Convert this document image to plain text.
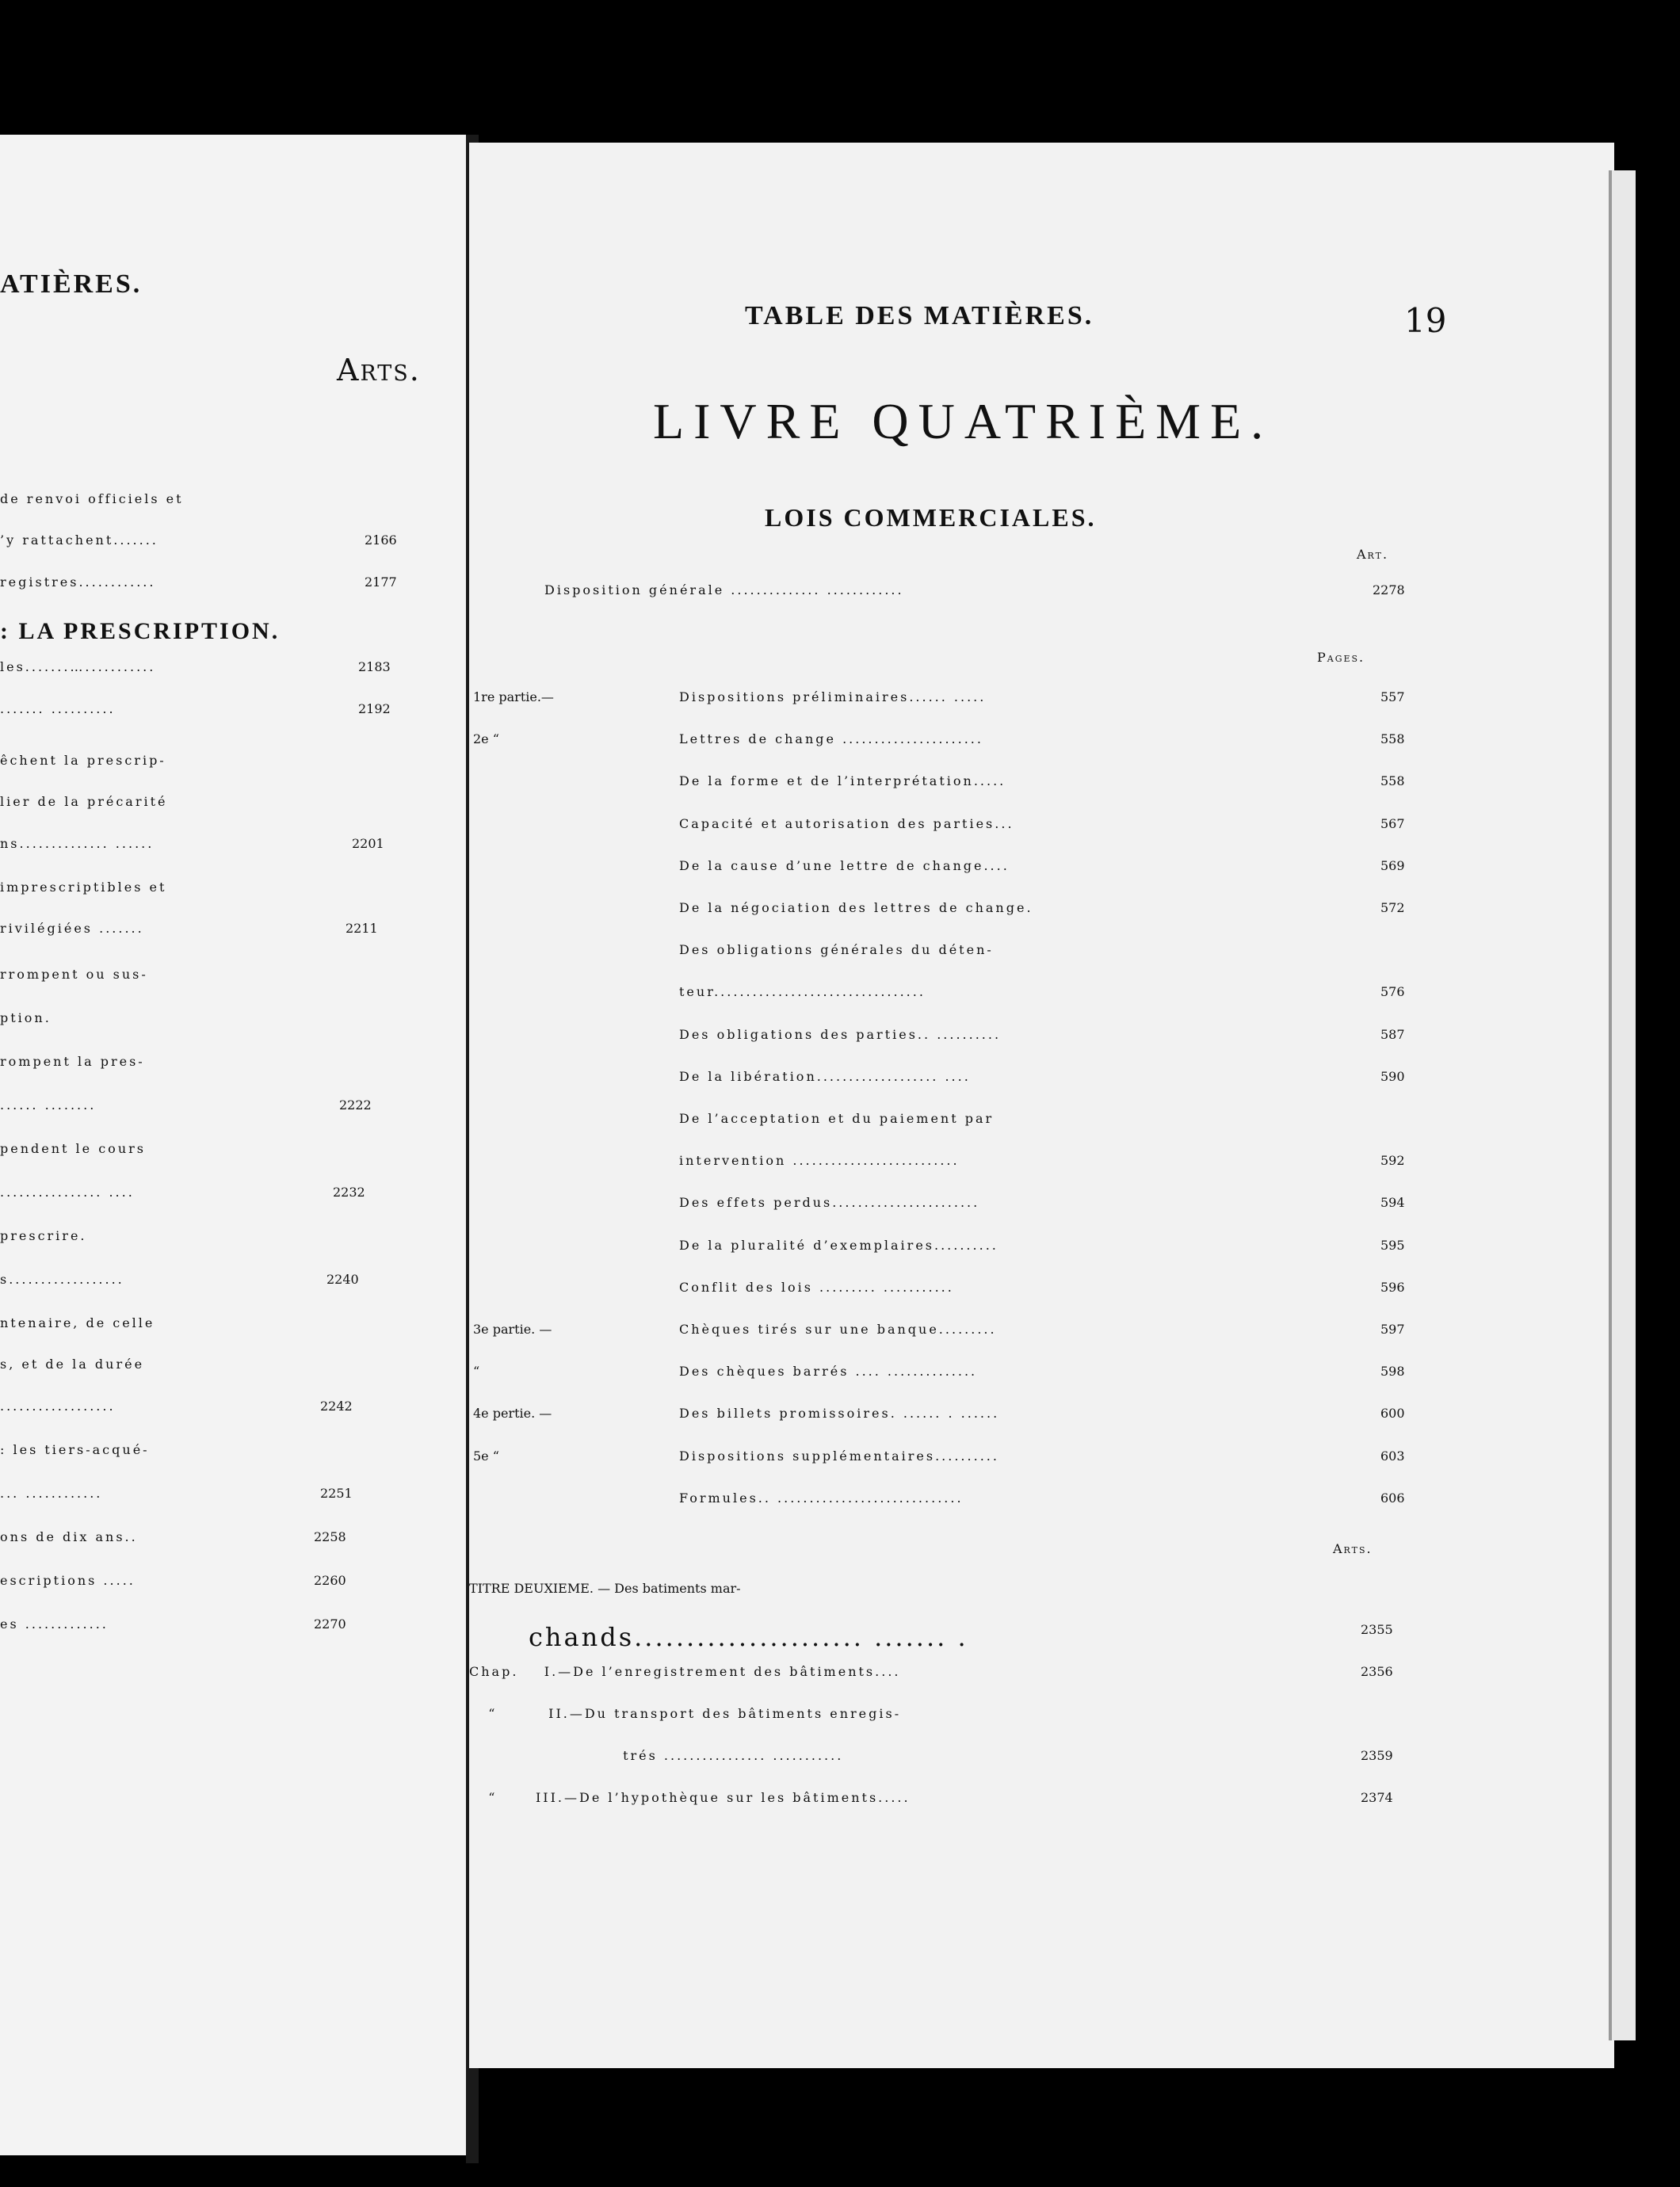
ATIÈRES.
Arts.
de renvoi officiels et
’y rattachent.......	2166
registres............	2177
: LA PRESCRIPTION.
les.......…...........	2183
....... ..........	2192
êchent la prescrip-
lier de la précarité
ns.............. ......	2201
imprescriptibles et
rivilégiées .......	2211
rrompent ou sus-
ption.
rompent la pres-
...... ........	2222
pendent le cours
................ ....	2232
prescrire.
s..................	2240
ntenaire, de celle
s, et de la durée
..................	2242
: les tiers-acqué-
... ............	2251
ons de dix ans..	2258
escriptions .....	2260
es .............	2270
TABLE DES MATIÈRES.	19
LIVRE QUATRIÈME.
LOIS COMMERCIALES.
Art.
Disposition générale .............. ............	2278
Pages.
1re partie.—	Dispositions préliminaires...... .....	557
2e “	Lettres de change ......................	558
De la forme et de l’interprétation.....	558
Capacité et autorisation des parties...	567
De la cause d’une lettre de change....	569
De la négociation des lettres de change.	572
Des obligations générales du déten-
teur.................................	576
Des obligations des parties.. ..........	587
De la libération................... ....	590
De l’acceptation et du paiement par
intervention ..........................	592
Des effets perdus.......................	594
De la pluralité d’exemplaires..........	595
Conflit des lois ......... ...........	596
3e partie. —	Chèques tirés sur une banque.........	597
“	Des chèques barrés .... ..............	598
4e pertie. —	Des billets promissoires. ...... . ......	600
5e “	Dispositions supplémentaires..........	603
Formules.. .............................	606
Arts.
TITRE DEUXIEME. — Des batiments mar-
chands...................... ....... .	2355
Chap.    I.—De l’enregistrement des bâtiments....	2356
“        II.—Du transport des bâtiments enregis-
trés ................ ...........	2359
“      III.—De l’hypothèque sur les bâtiments.....	2374
